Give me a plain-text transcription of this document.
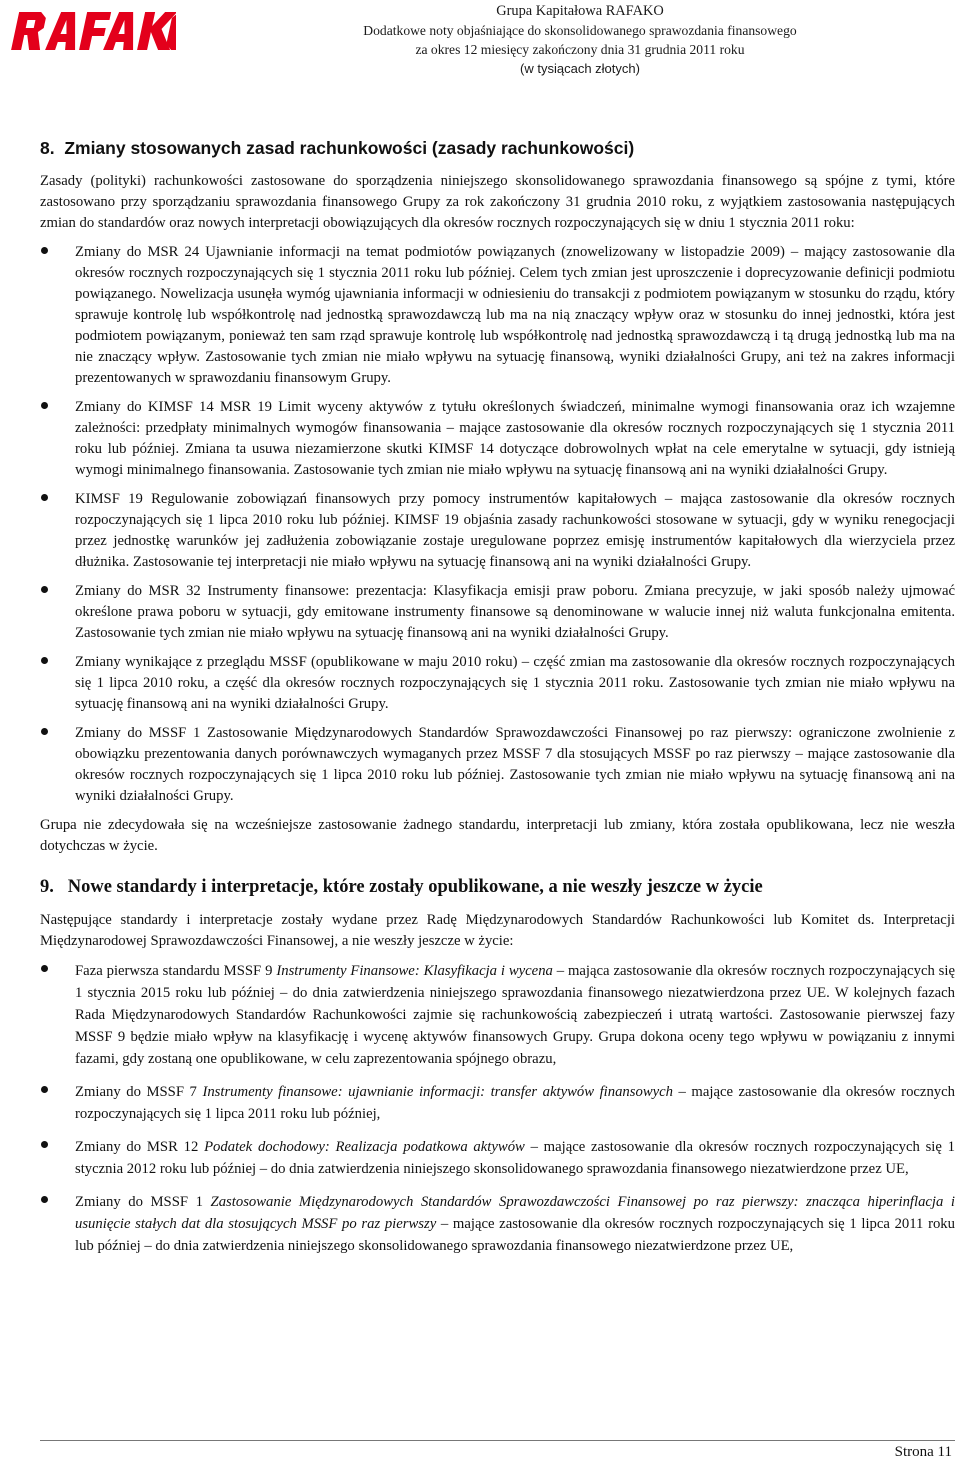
Grupa Kapitałowa RAFAKO
Dodatkowe noty objaśniające do skonsolidowanego sprawozdania finansowego
za okres 12 miesięcy zakończony dnia 31 grudnia 2011 roku
(w tysiącach złotych)
8.  Zmiany stosowanych zasad rachunkowości (zasady rachunkowości)

Zasady (polityki) rachunkowości zastosowane do sporządzenia niniejszego skonsolidowanego sprawozdania finansowego są spójne z tymi, które zastosowano przy sporządzaniu sprawozdania finansowego Grupy za rok zakończony 31 grudnia 2010 roku, z wyjątkiem zastosowania następujących zmian do standardów oraz nowych interpretacji obowiązujących dla okresów rocznych rozpoczynających się w dniu 1 stycznia 2011 roku:

Zmiany do MSR 24 Ujawnianie informacji na temat podmiotów powiązanych (znowelizowany w listopadzie 2009) – mający zastosowanie dla okresów rocznych rozpoczynających się 1 stycznia 2011 roku lub później. Celem tych zmian jest uproszczenie i doprecyzowanie definicji podmiotu powiązanego. Nowelizacja usunęła wymóg ujawniania informacji w odniesieniu do transakcji z podmiotem powiązanym w stosunku do rządu, który sprawuje kontrolę lub współkontrolę nad jednostką sprawozdawczą lub ma na nią znaczący wpływ oraz w stosunku do innej jednostki, która jest podmiotem powiązanym, ponieważ ten sam rząd sprawuje kontrolę lub współkontrolę nad jednostką sprawozdawczą i tą drugą jednostką lub ma na nie znaczący wpływ. Zastosowanie tych zmian nie miało wpływu na sytuację finansową, wyniki działalności Grupy, ani też na zakres informacji prezentowanych w sprawozdaniu finansowym Grupy.
Zmiany do KIMSF 14 MSR 19 Limit wyceny aktywów z tytułu określonych świadczeń, minimalne wymogi finansowania oraz ich wzajemne zależności: przedpłaty minimalnych wymogów finansowania – mające zastosowanie dla okresów rocznych rozpoczynających się 1 stycznia 2011 roku lub później. Zmiana ta usuwa niezamierzone skutki KIMSF 14 dotyczące dobrowolnych wpłat na cele emerytalne w sytuacji, gdy istnieją wymogi minimalnego finansowania. Zastosowanie tych zmian nie miało wpływu na sytuację finansową ani na wyniki działalności Grupy.
KIMSF 19 Regulowanie zobowiązań finansowych przy pomocy instrumentów kapitałowych – mająca zastosowanie dla okresów rocznych rozpoczynających się 1 lipca 2010 roku lub później. KIMSF 19 objaśnia zasady rachunkowości stosowane w sytuacji, gdy w wyniku renegocjacji przez jednostkę warunków jej zadłużenia zobowiązanie zostaje uregulowane poprzez emisję instrumentów kapitałowych dla wierzyciela przez dłużnika. Zastosowanie tej interpretacji nie miało wpływu na sytuację finansową ani na wyniki działalności Grupy.
Zmiany do MSR 32 Instrumenty finansowe: prezentacja: Klasyfikacja emisji praw poboru. Zmiana precyzuje, w jaki sposób należy ujmować określone prawa poboru w sytuacji, gdy emitowane instrumenty finansowe są denominowane w walucie innej niż waluta funkcjonalna emitenta. Zastosowanie tych zmian nie miało wpływu na sytuację finansową ani na wyniki działalności Grupy.
Zmiany wynikające z przeglądu MSSF (opublikowane w maju 2010 roku) – część zmian ma zastosowanie dla okresów rocznych rozpoczynających się 1 lipca 2010 roku, a część dla okresów rocznych rozpoczynających się 1 stycznia 2011 roku. Zastosowanie tych zmian nie miało wpływu na sytuację finansową ani na wyniki działalności Grupy.
Zmiany do MSSF 1 Zastosowanie Międzynarodowych Standardów Sprawozdawczości Finansowej po raz pierwszy: ograniczone zwolnienie z obowiązku prezentowania danych porównawczych wymaganych przez MSSF 7 dla stosujących MSSF po raz pierwszy – mające zastosowanie dla okresów rocznych rozpoczynających się 1 lipca 2010 roku lub później. Zastosowanie tych zmian nie miało wpływu na sytuację finansową ani na wyniki działalności Grupy.

Grupa nie zdecydowała się na wcześniejsze zastosowanie żadnego standardu, interpretacji lub zmiany, która została opublikowana, lecz nie weszła dotychczas w życie.

9.   Nowe standardy i interpretacje, które zostały opublikowane, a nie weszły jeszcze w życie

Następujące standardy i interpretacje zostały wydane przez Radę Międzynarodowych Standardów Rachunkowości lub Komitet ds. Interpretacji Międzynarodowej Sprawozdawczości Finansowej, a nie weszły jeszcze w życie:

Faza pierwsza standardu MSSF 9 Instrumenty Finansowe: Klasyfikacja i wycena – mająca zastosowanie dla okresów rocznych rozpoczynających się 1 stycznia 2015 roku lub później – do dnia zatwierdzenia niniejszego sprawozdania finansowego niezatwierdzona przez UE. W kolejnych fazach Rada Międzynarodowych Standardów Rachunkowości zajmie się rachunkowością zabezpieczeń i utratą wartości. Zastosowanie pierwszej fazy MSSF 9 będzie miało wpływ na klasyfikację i wycenę aktywów finansowych Grupy. Grupa dokona oceny tego wpływu w powiązaniu z innymi fazami, gdy zostaną one opublikowane, w celu zaprezentowania spójnego obrazu,
Zmiany do MSSF 7 Instrumenty finansowe: ujawnianie informacji: transfer aktywów finansowych – mające zastosowanie dla okresów rocznych rozpoczynających się 1 lipca 2011 roku lub później,
Zmiany do MSR 12 Podatek dochodowy: Realizacja podatkowa aktywów – mające zastosowanie dla okresów rocznych rozpoczynających się 1 stycznia 2012 roku lub później – do dnia zatwierdzenia niniejszego skonsolidowanego sprawozdania finansowego niezatwierdzone przez UE,
Zmiany do MSSF 1 Zastosowanie Międzynarodowych Standardów Sprawozdawczości Finansowej po raz pierwszy: znacząca hiperinflacja i usunięcie stałych dat dla stosujących MSSF po raz pierwszy – mające zastosowanie dla okresów rocznych rozpoczynających się 1 lipca 2011 roku lub później – do dnia zatwierdzenia niniejszego skonsolidowanego sprawozdania finansowego niezatwierdzone przez UE,
Strona 11
